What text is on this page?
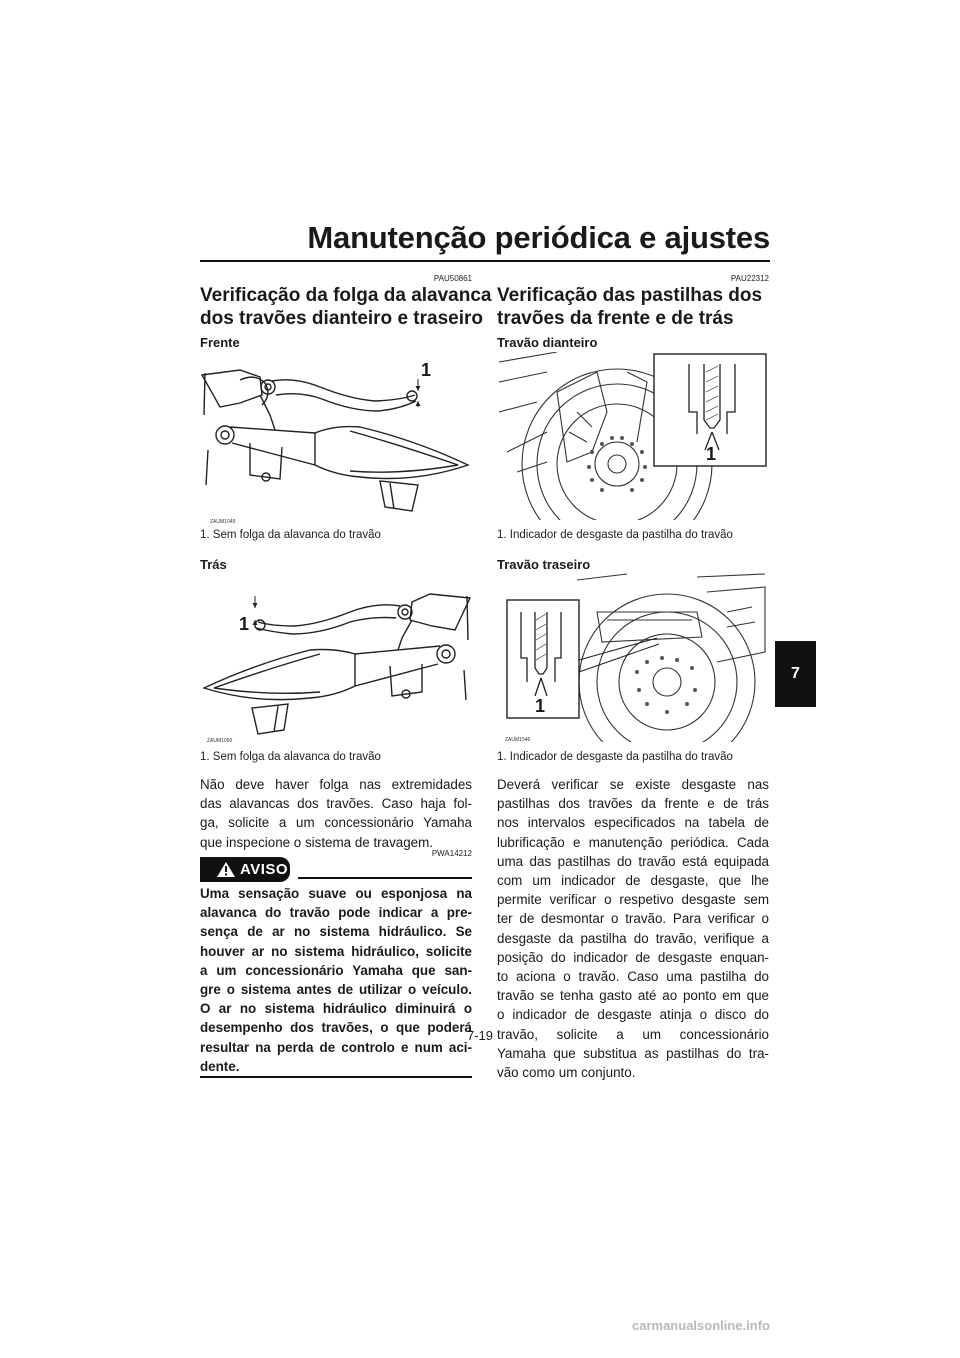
Manutenção periódica e ajustes
PAU50861
Verificação da folga da alavanca
dos travões dianteiro e traseiro
Frente
1
ZAUM1049
1. Sem folga da alavanca do travão
Trás
1
ZAUM1050
1. Sem folga da alavanca do travão
Não deve haver folga nas extremidades
das alavancas dos travões. Caso haja fol-
ga, solicite a um concessionário Yamaha
que inspecione o sistema de travagem.
PWA14212
AVISO
Uma sensação suave ou esponjosa na
alavanca do travão pode indicar a pre-
sença de ar no sistema hidráulico. Se
houver ar no sistema hidráulico, solicite
a um concessionário Yamaha que san-
gre o sistema antes de utilizar o veículo.
O ar no sistema hidráulico diminuirá o
desempenho dos travões, o que poderá
resultar na perda de controlo e num aci-
dente.
PAU22312
Verificação das pastilhas dos
travões da frente e de trás
Travão dianteiro
1
1. Indicador de desgaste da pastilha do travão
Travão traseiro
1
ZAUM1546
1. Indicador de desgaste da pastilha do travão
Deverá verificar se existe desgaste nas
pastilhas dos travões da frente e de trás
nos intervalos especificados na tabela de
lubrificação e manutenção periódica. Cada
uma das pastilhas do travão está equipada
com um indicador de desgaste, que lhe
permite verificar o respetivo desgaste sem
ter de desmontar o travão. Para verificar o
desgaste da pastilha do travão, verifique a
posição do indicador de desgaste enquan-
to aciona o travão. Caso uma pastilha do
travão se tenha gasto até ao ponto em que
o indicador de desgaste atinja o disco do
travão, solicite a um concessionário
Yamaha que substitua as pastilhas do tra-
vão como um conjunto.
7
7-19
carmanualsonline.info
